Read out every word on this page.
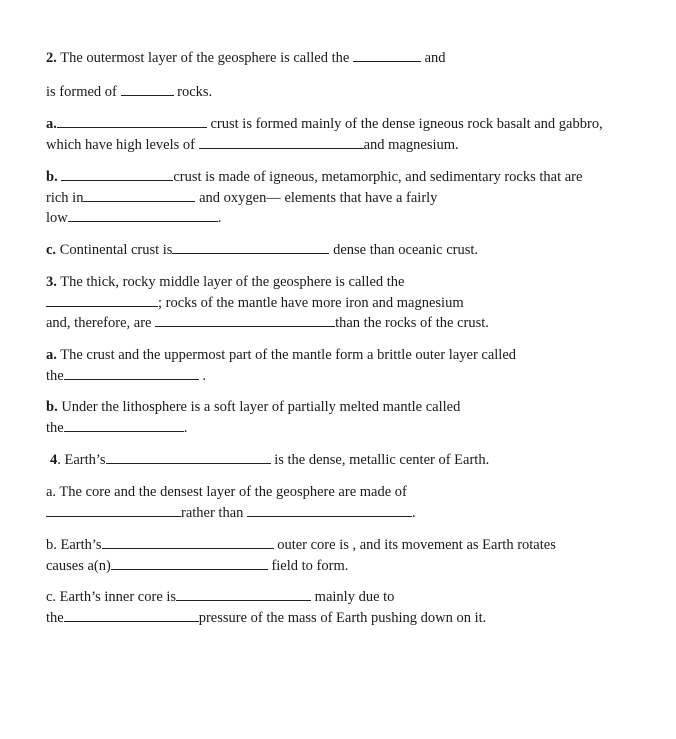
2. The outermost layer of the geosphere is called the	and
is formed of	rocks.
a.	crust is formed mainly of the dense igneous rock basalt and gabbro,
which have high levels of	and magnesium.
b.	crust is made of igneous, metamorphic, and sedimentary rocks that are
rich in	and oxygen— elements that have a fairly
low	.
c. Continental crust is	dense than oceanic crust.
3. The thick, rocky middle layer of the geosphere is called the
; rocks of the mantle have more iron and magnesium
and, therefore, are	than the rocks of the crust.
a. The crust and the uppermost part of the mantle form a brittle outer layer called
the	.
b. Under the lithosphere is a soft layer of partially melted mantle called
the	.
4. Earth’s	is the dense, metallic center of Earth.
a. The core and the densest layer of the geosphere are made of
rather than	.
b. Earth’s	outer core is , and its movement as Earth rotates
causes a(n)	field to form.
c. Earth’s inner core is	mainly due to
the	pressure of the mass of Earth pushing down on it.
